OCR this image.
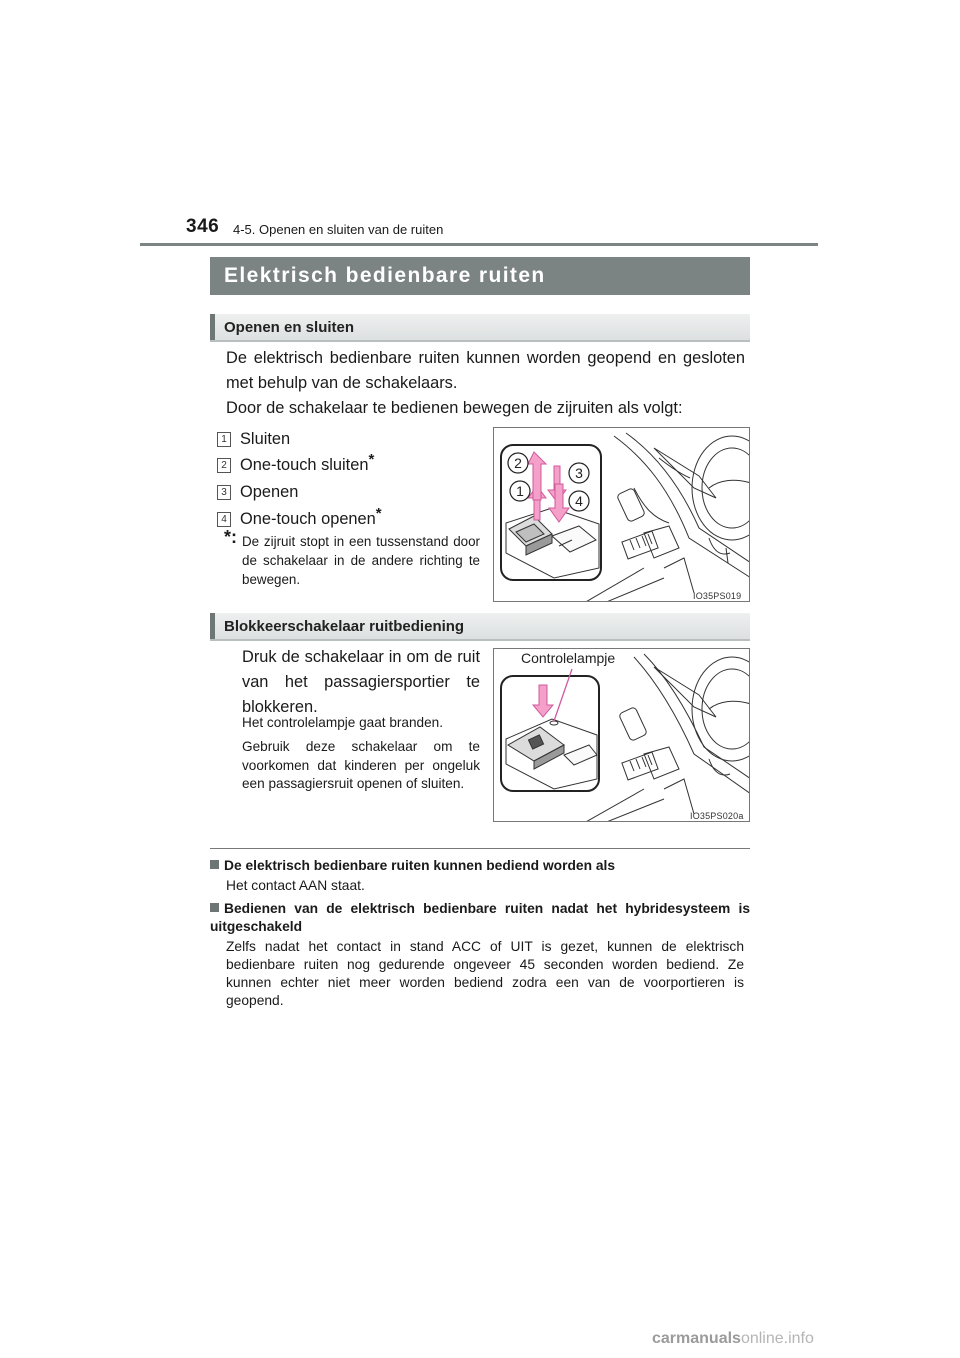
346 4-5. Openen en sluiten van de ruiten
Elektrisch bedienbare ruiten
Openen en sluiten
De elektrisch bedienbare ruiten kunnen worden geopend en gesloten met behulp van de schakelaars.
Door de schakelaar te bedienen bewegen de zijruiten als volgt:
1 Sluiten
2 One-touch sluiten*
3 Openen
4 One-touch openen*
*: De zijruit stopt in een tussenstand door de schakelaar in de andere richting te bewegen.
2
3
1
4
IO35PS019
Blokkeerschakelaar ruitbediening
Druk de schakelaar in om de ruit van het passagiersportier te blokkeren.
Het controlelampje gaat branden.
Gebruik deze schakelaar om te voorkomen dat kinderen per ongeluk een passagiersruit openen of sluiten.
Controlelampje
IO35PS020a
De elektrisch bedienbare ruiten kunnen bediend worden als
Het contact AAN staat.
Bedienen van de elektrisch bedienbare ruiten nadat het hybridesysteem is uitgeschakeld
Zelfs nadat het contact in stand ACC of UIT is gezet, kunnen de elektrisch bedienbare ruiten nog gedurende ongeveer 45 seconden worden bediend. Ze kunnen echter niet meer worden bediend zodra een van de voorportieren is geopend.
carmanualsonline.info
